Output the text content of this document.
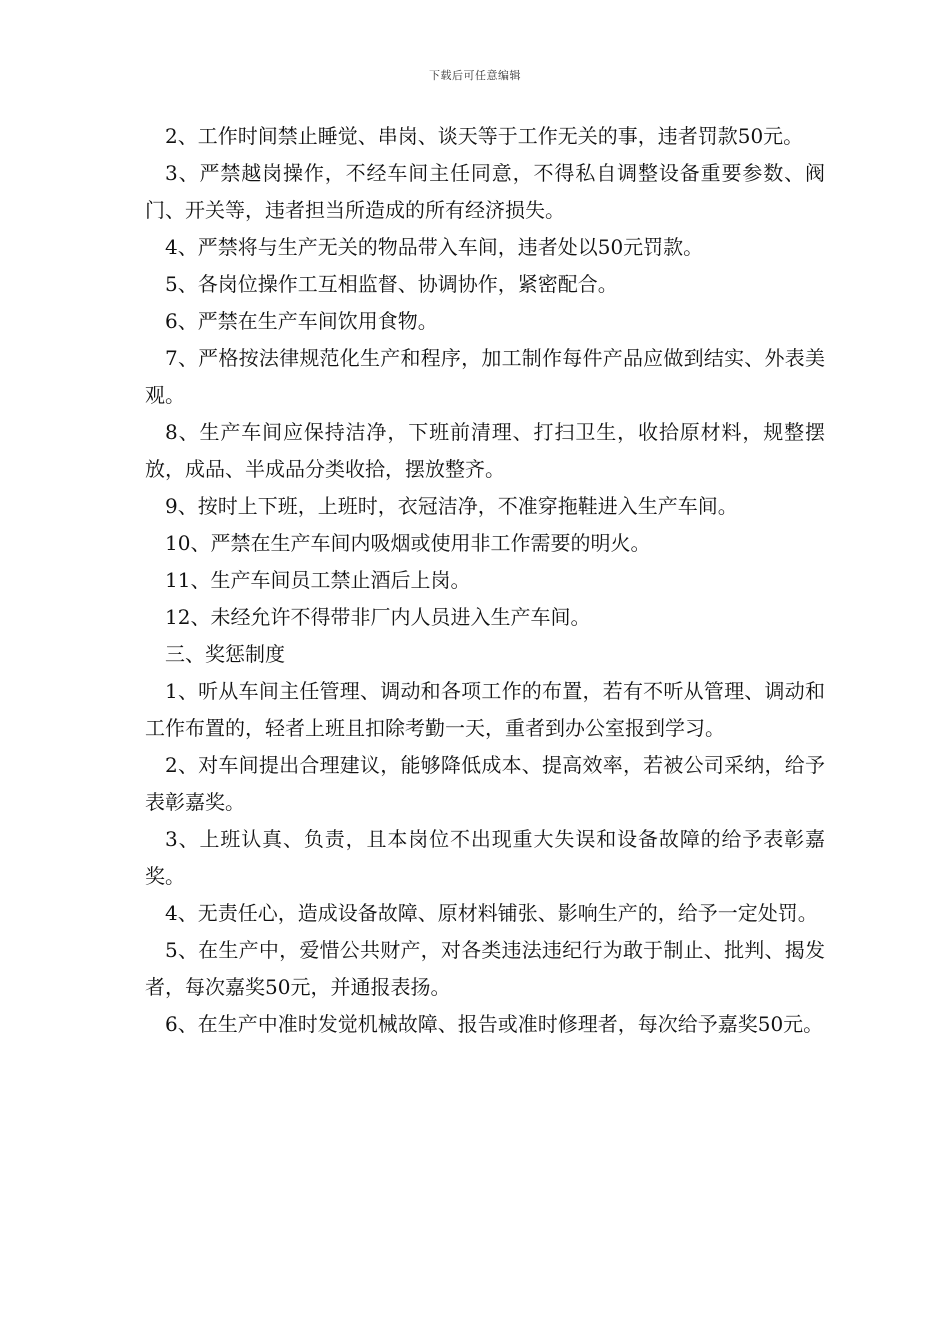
下载后可任意编辑

2、工作时间禁止睡觉、串岗、谈天等于工作无关的事，违者罚款50元。

3、严禁越岗操作，不经车间主任同意，不得私自调整设备重要参数、阀门、开关等，违者担当所造成的所有经济损失。

4、严禁将与生产无关的物品带入车间，违者处以50元罚款。

5、各岗位操作工互相监督、协调协作，紧密配合。

6、严禁在生产车间饮用食物。

7、严格按法律规范化生产和程序，加工制作每件产品应做到结实、外表美观。

8、生产车间应保持洁净，下班前清理、打扫卫生，收拾原材料，规整摆放，成品、半成品分类收拾，摆放整齐。

9、按时上下班，上班时，衣冠洁净，不准穿拖鞋进入生产车间。

10、严禁在生产车间内吸烟或使用非工作需要的明火。

11、生产车间员工禁止酒后上岗。

12、未经允许不得带非厂内人员进入生产车间。

三、奖惩制度

1、听从车间主任管理、调动和各项工作的布置，若有不听从管理、调动和工作布置的，轻者上班且扣除考勤一天，重者到办公室报到学习。

2、对车间提出合理建议，能够降低成本、提高效率，若被公司采纳，给予表彰嘉奖。

3、上班认真、负责，且本岗位不出现重大失误和设备故障的给予表彰嘉奖。

4、无责任心，造成设备故障、原材料铺张、影响生产的，给予一定处罚。

5、在生产中，爱惜公共财产，对各类违法违纪行为敢于制止、批判、揭发者，每次嘉奖50元，并通报表扬。

6、在生产中准时发觉机械故障、报告或准时修理者，每次给予嘉奖50元。
